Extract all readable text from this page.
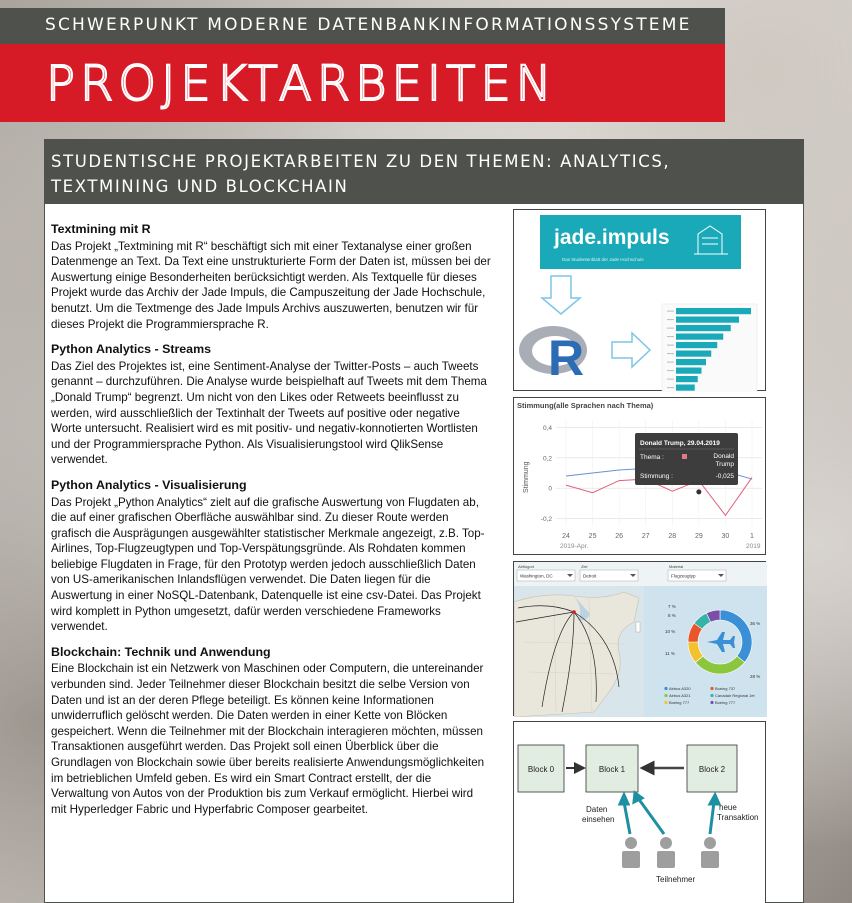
SCHWERPUNKT MODERNE DATENBANKINFORMATIONSSYSTEME
PROJEKTARBEITEN
STUDENTISCHE PROJEKTARBEITEN ZU DEN THEMEN: ANALYTICS,
TEXTMINING UND BLOCKCHAIN
Textmining mit R

Das Projekt „Textmining mit R“ beschäftigt sich mit einer Textanalyse einer großen Datenmenge an Text. Da Text eine unstrukturierte Form der Daten ist, müssen bei der Auswertung einige Besonderheiten berücksichtigt werden. Als Textquelle für dieses Projekt wurde das Archiv der Jade Impuls, die Campuszeitung der Jade Hochschule, benutzt. Um die Textmenge des Jade Impuls Archivs auszuwerten, benutzen wir für dieses Projekt die Programmiersprache R.

Python Analytics - Streams

Das Ziel des Projektes ist, eine Sentiment-Analyse der Twitter-Posts – auch Tweets genannt – durchzuführen. Die Analyse wurde beispielhaft auf Tweets mit dem Thema „Donald Trump“ begrenzt. Um nicht von den Likes oder Retweets beeinflusst zu werden, wird ausschließlich der Textinhalt der Tweets auf positive oder negative Worte untersucht. Realisiert wird es mit positiv- und negativ-konnotierten Wortlisten und der Programmiersprache Python. Als Visualisierungstool wird QlikSense verwendet.

Python Analytics - Visualisierung

Das Projekt „Python Analytics“ zielt auf die grafische Auswertung von Flugdaten ab, die auf einer grafischen Oberfläche auswählbar sind. Zu dieser Route werden grafisch die Ausprägungen ausgewählter statistischer Merkmale angezeigt, z.B. Top-Airlines, Top-Flugzeugtypen und Top-Verspätungsgründe. Als Rohdaten kommen beliebige Flugdaten in Frage, für den Prototyp werden jedoch ausschließlich Daten von US-amerikanischen Inlandsflügen verwendet. Die Daten liegen für die Auswertung in einer NoSQL-Datenbank, Datenquelle ist eine csv-Datei. Das Projekt wird komplett in Python umgesetzt, dafür werden verschiedene Frameworks verwendet.

Blockchain: Technik und Anwendung

Eine Blockchain ist ein Netzwerk von Maschinen oder Computern, die untereinander verbunden sind. Jeder Teilnehmer dieser Blockchain besitzt die selbe Version von Daten und ist an der deren Pflege beteiligt. Es können keine Informationen unwiderruflich gelöscht werden. Die Daten werden in einer Kette von Blöcken gespeichert. Wenn die Teilnehmer mit der Blockchain interagieren möchten, müssen Transaktionen ausgeführt werden. Das Projekt soll einen Überblick über die Grundlagen von Blockchain sowie über bereits realisierte Anwendungsmöglichkeiten im betrieblichen Umfeld geben. Es wird ein Smart Contract erstellt, der die Verwaltung von Autos von der Produktion bis zum Verkauf ermöglicht. Hierbei wird mit Hyperledger Fabric und Hyperfabric Composer gearbeitet.

jade.impuls
Das Studentenblatt der Jade Hochschule
R
Stimmung(alle Sprachen nach Thema)
Stimmung
0,4
0,2
0
-0,2
24	25	26	27	28	29	30	1
2019-Apr.	2019
Donald Trump, 29.04.2019
Thema :	Donald
Trump
Stimmung :	-0,025
Abflugort	Ziel	Material
Washington, DC	Detroit	Flugzeugtyp
7 %
8 %
10 %
11 %
36 %
28 %
Airbus A320
Airbus A321
Boeing 777
Boeing 737
Canadair Regional Jet
Boeing 777
Block 0	Block 1	Block 2
Daten
einsehen
neue
Transaktion
Teilnehmer
